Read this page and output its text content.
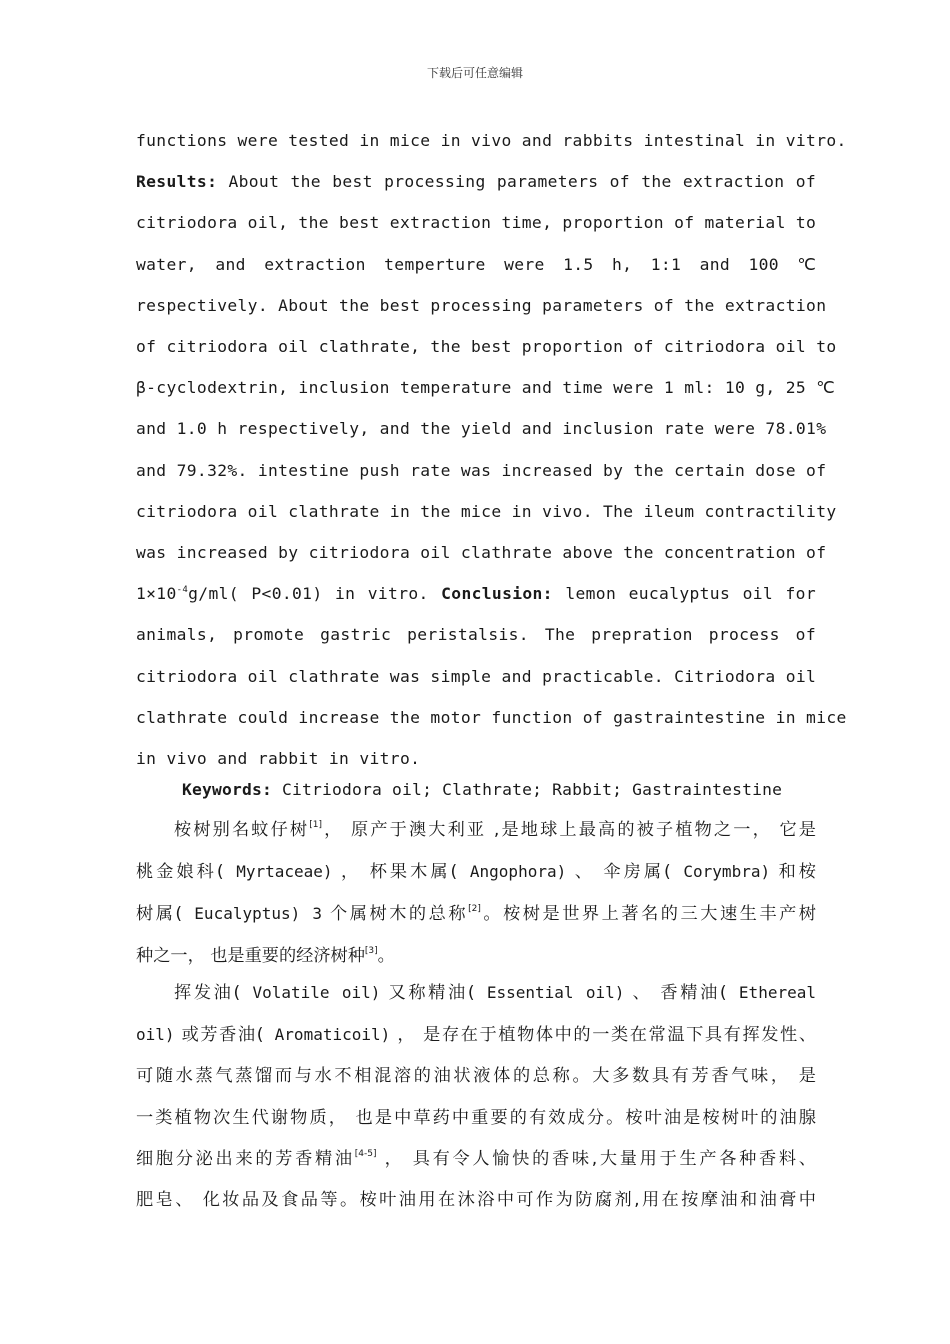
下载后可任意编辑
functions were tested in mice in vivo and rabbits intestinal in vitro.
Results: About the best processing parameters of the extraction of
citriodora oil, the best extraction time, proportion of material to
water, and extraction temperture were 1.5 h, 1:1 and 100 ℃
respectively. About the best processing parameters of the extraction
of citriodora oil clathrate, the best proportion of citriodora oil to
β-cyclodextrin, inclusion temperature and time were 1 ml: 10 g, 25 ℃
and 1.0 h respectively, and the yield and inclusion rate were 78.01%
and 79.32%. intestine push rate was increased by the certain dose of
citriodora oil clathrate in the mice in vivo. The ileum contractility
was increased by citriodora oil clathrate above the concentration of
$1\times 10^{-4}g/ml$( P<0.01) in vitro. Conclusion: lemon eucalyptus oil for
animals, promote gastric peristalsis. The prepration process of
citriodora oil clathrate was simple and practicable. Citriodora oil
clathrate could increase the motor function of gastraintestine in mice
in vivo and rabbit in vitro.
Keywords: Citriodora oil; Clathrate; Rabbit; Gastraintestine
桉树别名蚊仔树[1]， 原产于澳大利亚 ,是地球上最高的被子植物之一， 它是
桃金娘科( Myrtaceae) ， 杯果木属( Angophora) 、 伞房属( Corymbra) 和桉
树属( Eucalyptus) 3 个属树木的总称[2]。桉树是世界上著名的三大速生丰产树
种之一， 也是重要的经济树种[3]。
挥发油( Volatile oil) 又称精油( Essential oil) 、 香精油( Ethereal
oil) 或芳香油( Aromaticoil) ， 是存在于植物体中的一类在常温下具有挥发性、
可随水蒸气蒸馏而与水不相混溶的油状液体的总称。大多数具有芳香气味， 是
一类植物次生代谢物质， 也是中草药中重要的有效成分。桉叶油是桉树叶的油腺
细胞分泌出来的芳香精油[4-5] ， 具有令人愉快的香味,大量用于生产各种香料、
肥皂、 化妆品及食品等。桉叶油用在沐浴中可作为防腐剂,用在按摩油和油膏中
